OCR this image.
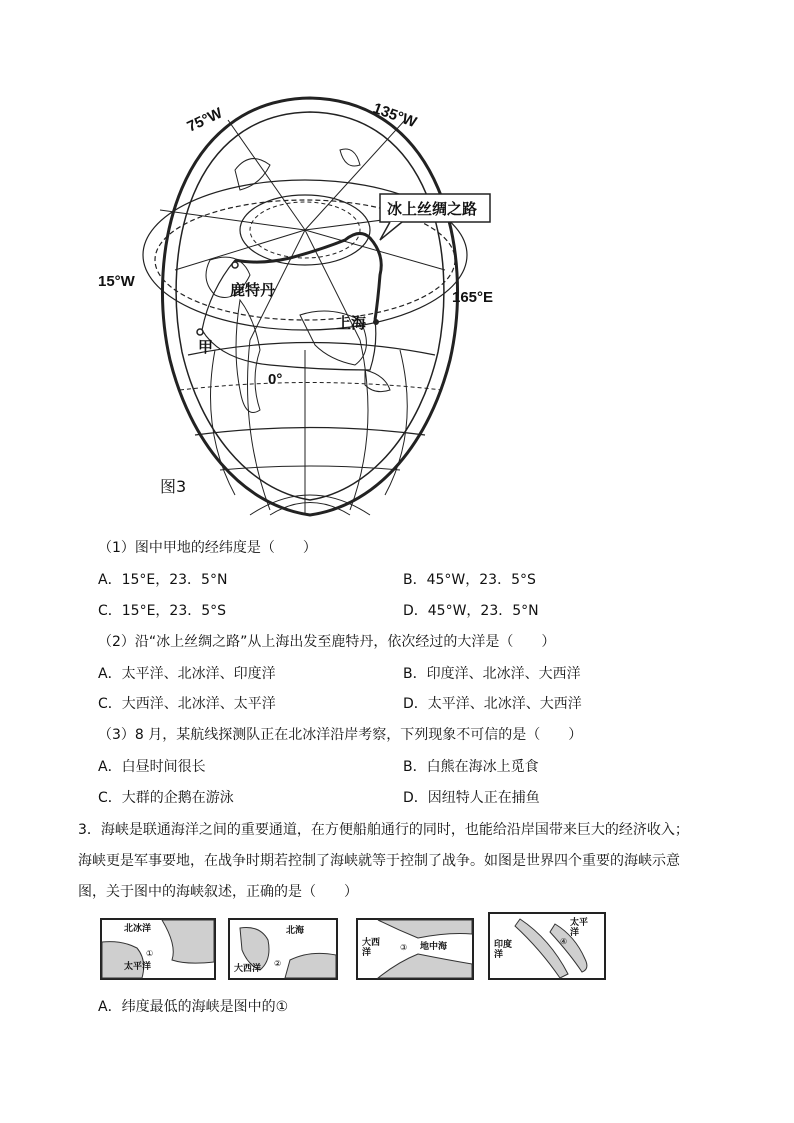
75°W	135°W
15°W
165°E
0°
冰上丝绸之路
鹿特丹
上海
甲
图3
（1）图中甲地的经纬度是（　　）
A．15°E，23．5°N	B．45°W，23．5°S
C．15°E，23．5°S	D．45°W，23．5°N
（2）沿“冰上丝绸之路”从上海出发至鹿特丹，依次经过的大洋是（　　）
A．太平洋、北冰洋、印度洋	B．印度洋、北冰洋、大西洋
C．大西洋、北冰洋、太平洋	D．太平洋、北冰洋、大西洋
（3）8 月，某航线探测队正在北冰洋沿岸考察，下列现象不可信的是（　　）
A．白昼时间很长	B．白熊在海冰上觅食
C．大群的企鹅在游泳	D．因纽特人正在捕鱼
3．海峡是联通海洋之间的重要通道，在方便船舶通行的同时，也能给沿岸国带来巨大的经济收入；
海峡更是军事要地，在战争时期若控制了海峡就等于控制了战争。如图是世界四个重要的海峡示意
图，关于图中的海峡叙述，正确的是（　　）
①
北冰洋
太平洋	②
北海
大西洋
③
大西洋
地中海
④
太平洋
印度洋
A．纬度最低的海峡是图中的①
